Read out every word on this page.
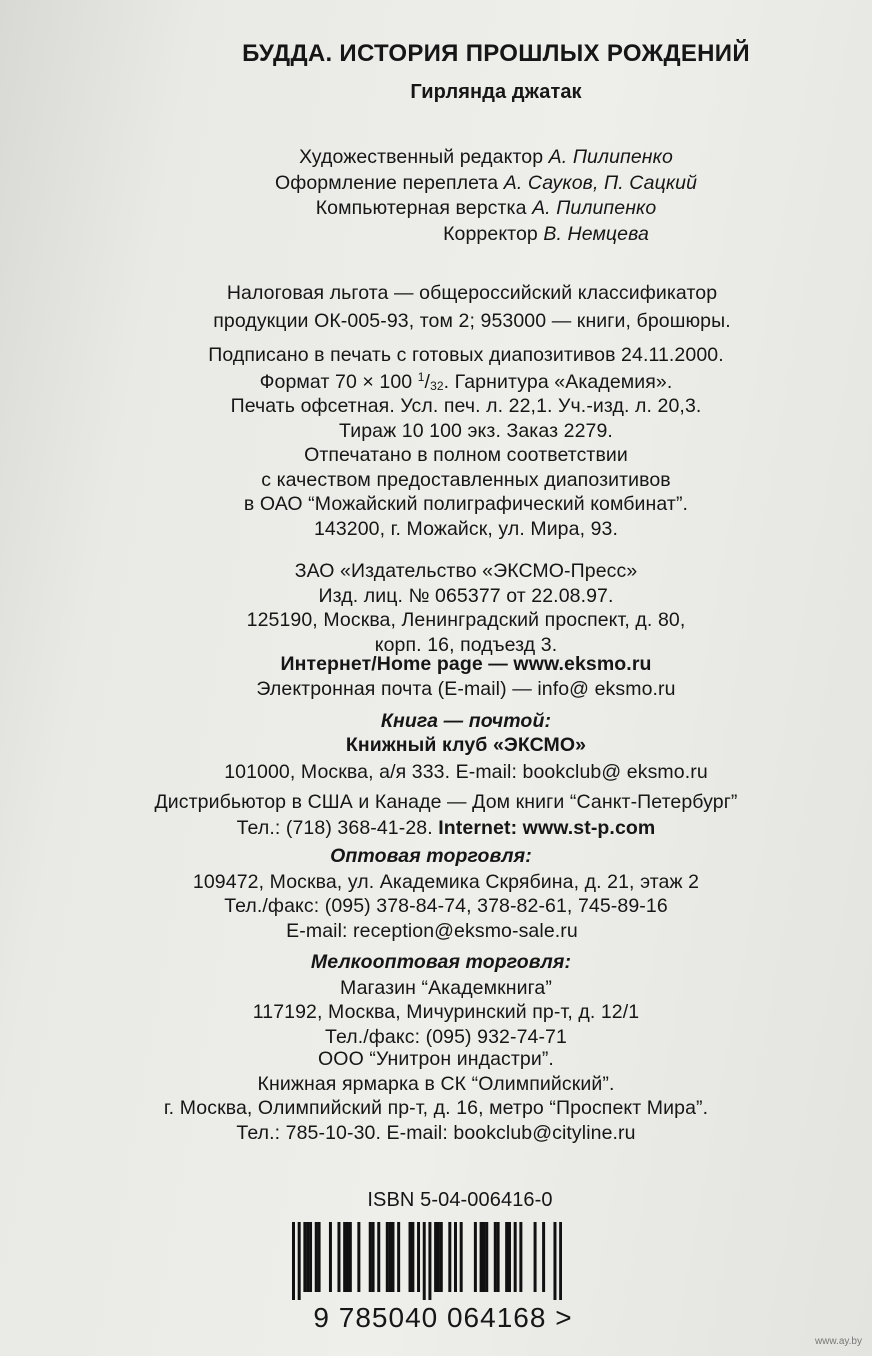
БУДДА. ИСТОРИЯ ПРОШЛЫХ РОЖДЕНИЙ
Гирлянда джатак
Художественный редактор А. Пилипенко
Оформление переплета А. Сауков, П. Сацкий
Компьютерная верстка А. Пилипенко
Корректор В. Немцева
Налоговая льгота — общероссийский классификатор
продукции ОК-005-93, том 2; 953000 — книги, брошюры.
Подписано в печать с готовых диапозитивов 24.11.2000.
Формат 70 × 100 $^1$/32. Гарнитура «Академия».
Печать офсетная. Усл. печ. л. 22,1. Уч.-изд. л. 20,3.
Тираж 10 100 экз. Заказ 2279.
Отпечатано в полном соответствии
с качеством предоставленных диапозитивов
в ОАО “Можайский полиграфический комбинат”.
143200, г. Можайск, ул. Мира, 93.
ЗАО «Издательство «ЭКСМО-Пресс»
Изд. лиц. № 065377 от 22.08.97.
125190, Москва, Ленинградский проспект, д. 80,
корп. 16, подъезд 3.
Интернет/Home page — www.eksmo.ru
Электронная почта (E-mail) — info@ eksmo.ru
Книга — почтой:
Книжный клуб «ЭКСМО»
101000, Москва, а/я 333. E-mail: bookclub@ eksmo.ru
Дистрибьютор в США и Канаде — Дом книги “Санкт-Петербург”
Тел.: (718) 368-41-28. Internet: www.st-p.com
Оптовая торговля:
109472, Москва, ул. Академика Скрябина, д. 21, этаж 2
Тел./факс: (095) 378-84-74, 378-82-61, 745-89-16
E-mail: reception@eksmo-sale.ru
Мелкооптовая торговля:
Магазин “Академкнига”
117192, Москва, Мичуринский пр-т, д. 12/1
Тел./факс: (095) 932-74-71
ООО “Унитрон индастри”.
Книжная ярмарка в СК “Олимпийский”.
г. Москва, Олимпийский пр-т, д. 16, метро “Проспект Мира”.
Тел.: 785-10-30. E-mail: bookclub@cityline.ru
ISBN 5-04-006416-0
9 785040 064168 >
www.ay.by
